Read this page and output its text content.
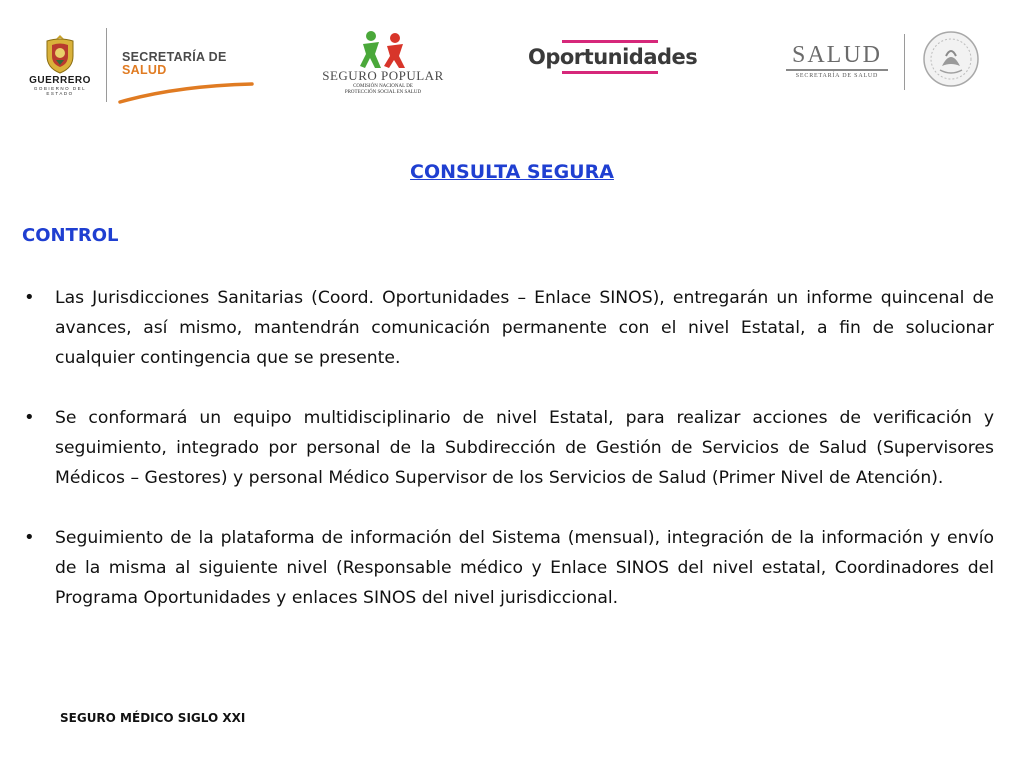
GUERRERO
GOBIERNO DEL ESTADO
SECRETARÍA DE
SALUD	SEGURO POPULAR
COMISIÓN NACIONAL DE
PROTECCIÓN SOCIAL EN SALUD
Oportunidades	SALUD
SECRETARÍA DE SALUD
CONSULTA SEGURA
CONTROL
• Las Jurisdicciones Sanitarias (Coord. Oportunidades – Enlace SINOS), entregarán un informe quincenal de avances, así mismo, mantendrán comunicación permanente con el nivel Estatal, a fin de solucionar cualquier contingencia que se presente.
• Se conformará un equipo multidisciplinario de nivel Estatal, para realizar acciones de verificación y seguimiento, integrado por personal de la Subdirección de Gestión de Servicios de Salud (Supervisores Médicos – Gestores) y personal Médico Supervisor de los Servicios de Salud (Primer Nivel de Atención).
• Seguimiento de la plataforma de información del Sistema (mensual), integración de la información y envío de la misma al siguiente nivel (Responsable médico y Enlace SINOS del nivel estatal, Coordinadores del Programa Oportunidades y enlaces SINOS del nivel jurisdiccional.
SEGURO MÉDICO SIGLO XXI
